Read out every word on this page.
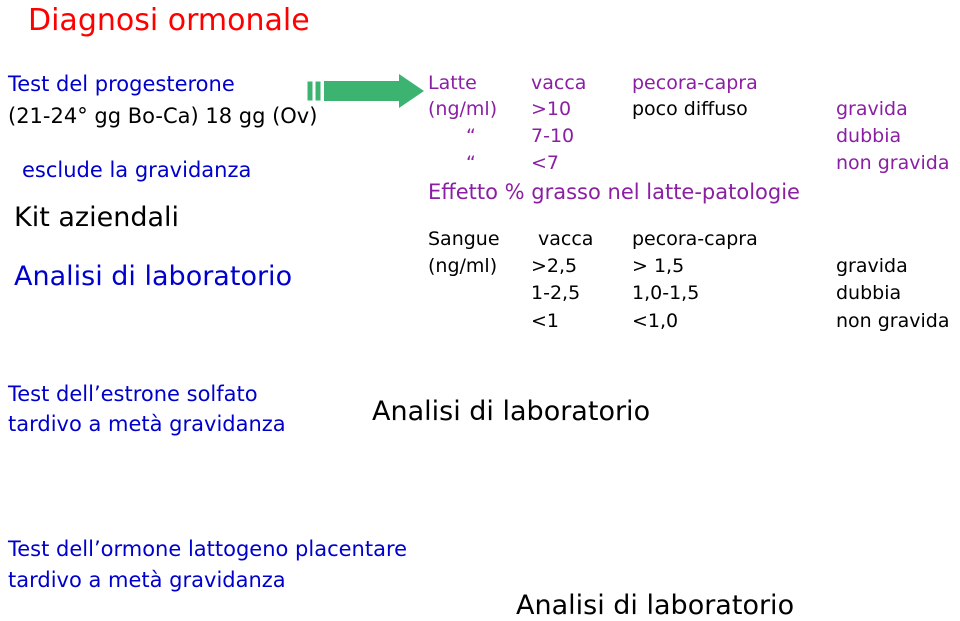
Diagnosi ormonale
Test del progesterone
(21-24° gg Bo-Ca) 18 gg (Ov)
esclude la gravidanza
Kit aziendali
Analisi di laboratorio
Latte
(ng/ml)
“
“
vacca pecora-capra
>10
7-10
<7
poco diffuso	gravida
dubbia
non gravida
Effetto % grasso nel latte-patologie
Sangue
(ng/ml)
vacca pecora-capra
>2,5
1-2,5
<1
> 1,5
1,0-1,5
<1,0
gravida
dubbia
non gravida
Test dell’estrone solfato
tardivo a metà gravidanza	Analisi di laboratorio
Test dell’ormone lattogeno placentare
tardivo a metà gravidanza
Analisi di laboratorio
